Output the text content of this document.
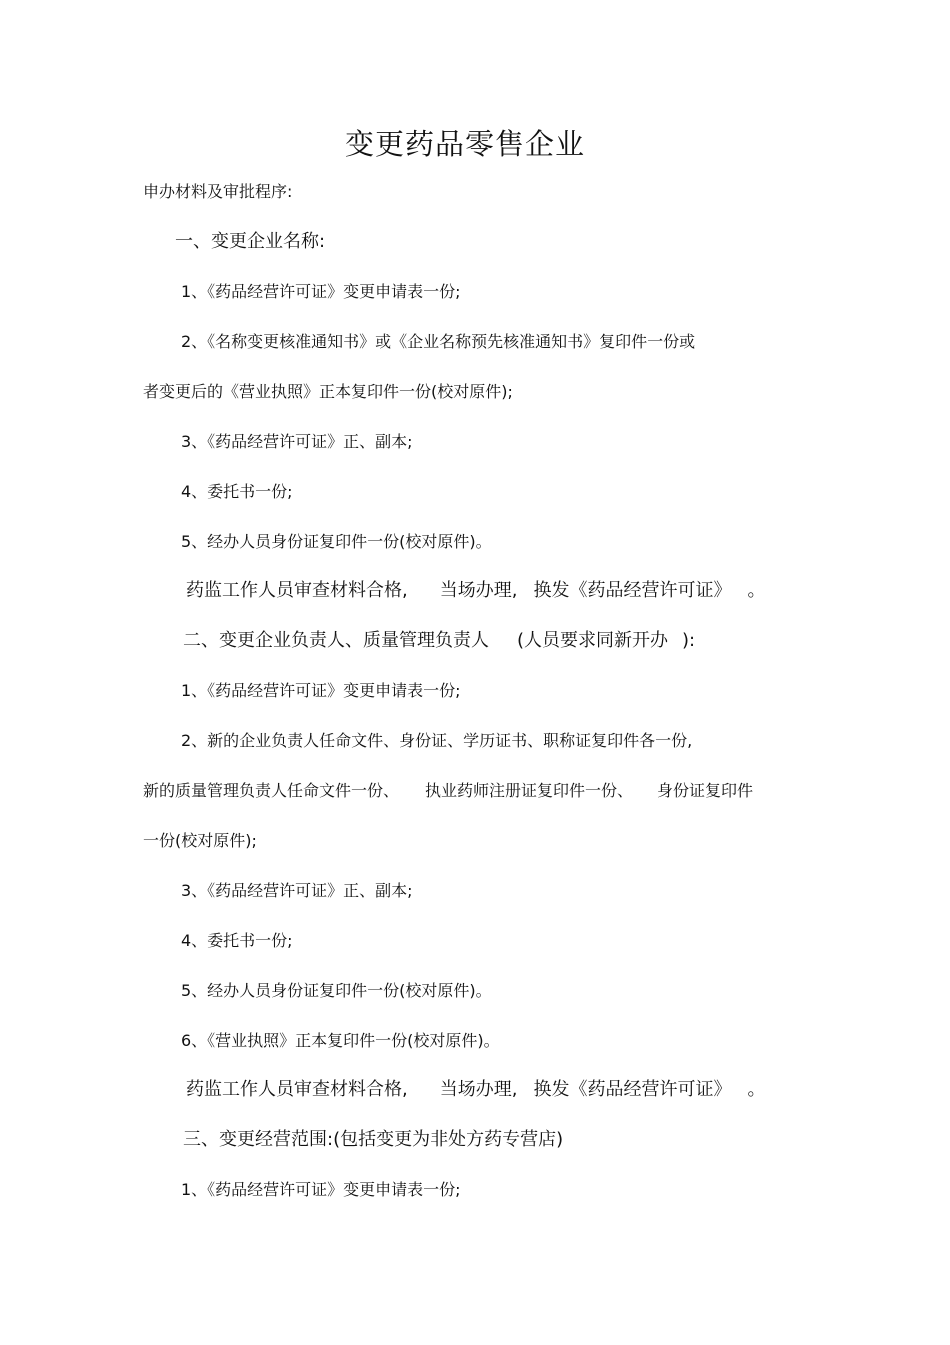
变更药品零售企业
申办材料及审批程序:
一、变更企业名称:
1、《药品经营许可证》变更申请表一份;
2、《名称变更核准通知书》或《企业名称预先核准通知书》复印件一份或
者变更后的《营业执照》正本复印件一份(校对原件);
3、《药品经营许可证》正、副本;
4、委托书一份;
5、经办人员身份证复印件一份(校对原件)。
药监工作人员审查材料合格, 当场办理, 换发《药品经营许可证》 。
二、变更企业负责人、质量管理负责人 (人员要求同新开办 ):
1、《药品经营许可证》变更申请表一份;
2、新的企业负责人任命文件、身份证、学历证书、职称证复印件各一份,
新的质量管理负责人任命文件一份、 执业药师注册证复印件一份、 身份证复印件
一份(校对原件);
3、《药品经营许可证》正、副本;
4、委托书一份;
5、经办人员身份证复印件一份(校对原件)。
6、《营业执照》正本复印件一份(校对原件)。
药监工作人员审查材料合格, 当场办理, 换发《药品经营许可证》 。
三、变更经营范围:(包括变更为非处方药专营店)
1、《药品经营许可证》变更申请表一份;
